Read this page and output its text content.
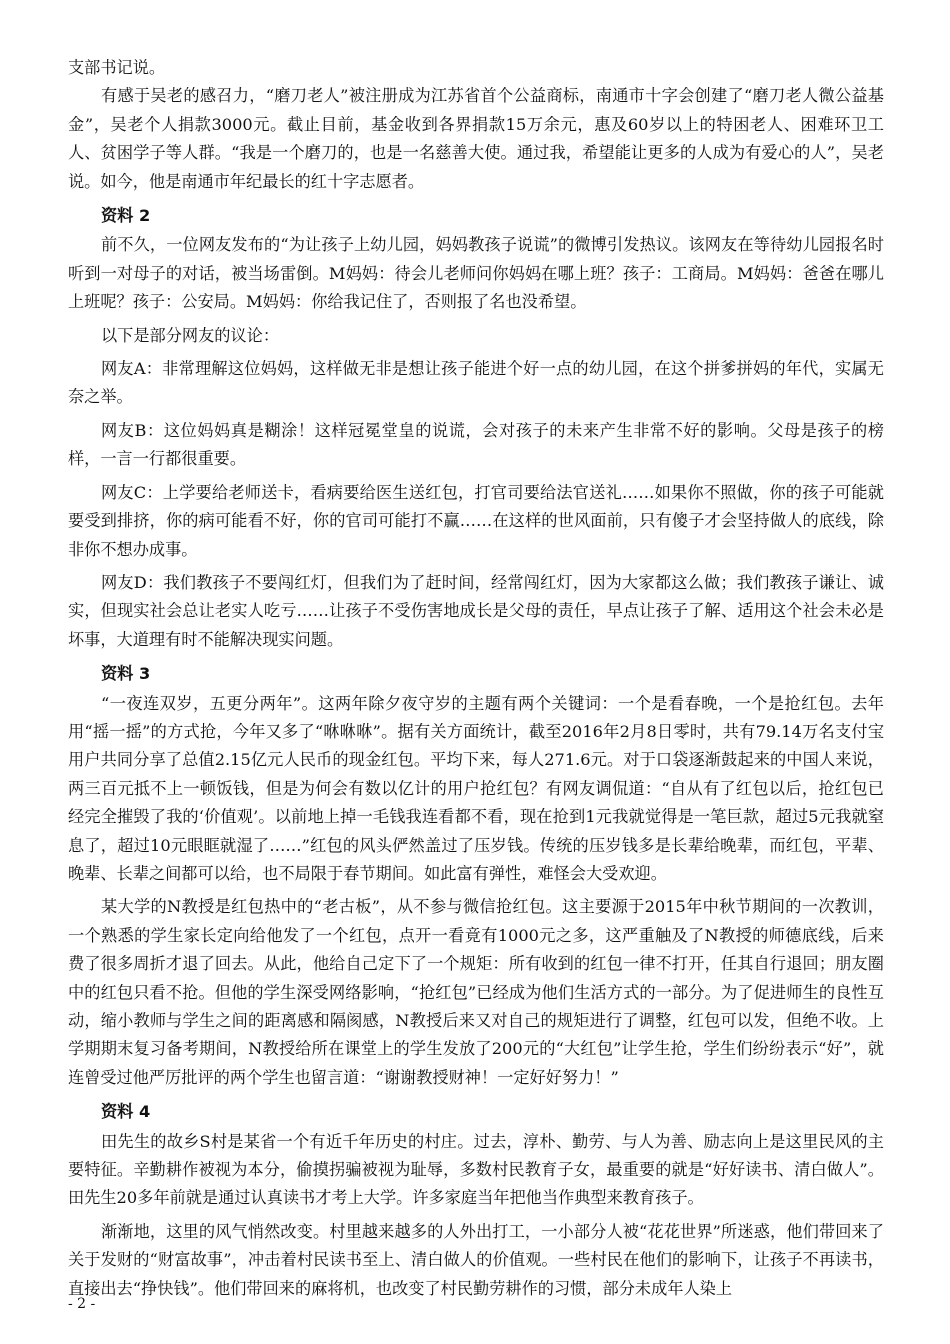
支部书记说。

有感于吴老的感召力，“磨刀老人”被注册成为江苏省首个公益商标，南通市十字会创建了“磨刀老人微公益基金”，吴老个人捐款3000元。截止目前，基金收到各界捐款15万余元，惠及60岁以上的特困老人、困难环卫工人、贫困学子等人群。“我是一个磨刀的，也是一名慈善大使。通过我，希望能让更多的人成为有爱心的人”，吴老说。如今，他是南通市年纪最长的红十字志愿者。

资料 2

前不久，一位网友发布的“为让孩子上幼儿园，妈妈教孩子说谎”的微博引发热议。该网友在等待幼儿园报名时听到一对母子的对话，被当场雷倒。M妈妈：待会儿老师问你妈妈在哪上班？孩子：工商局。M妈妈：爸爸在哪儿上班呢？孩子：公安局。M妈妈：你给我记住了，否则报了名也没希望。

以下是部分网友的议论：

网友A：非常理解这位妈妈，这样做无非是想让孩子能进个好一点的幼儿园，在这个拼爹拼妈的年代，实属无奈之举。

网友B：这位妈妈真是糊涂！这样冠冕堂皇的说谎，会对孩子的未来产生非常不好的影响。父母是孩子的榜样，一言一行都很重要。

网友C：上学要给老师送卡，看病要给医生送红包，打官司要给法官送礼……如果你不照做，你的孩子可能就要受到排挤，你的病可能看不好，你的官司可能打不赢……在这样的世风面前，只有傻子才会坚持做人的底线，除非你不想办成事。

网友D：我们教孩子不要闯红灯，但我们为了赶时间，经常闯红灯，因为大家都这么做；我们教孩子谦让、诚实，但现实社会总让老实人吃亏……让孩子不受伤害地成长是父母的责任，早点让孩子了解、适用这个社会未必是坏事，大道理有时不能解决现实问题。

资料 3

“一夜连双岁，五更分两年”。这两年除夕夜守岁的主题有两个关键词：一个是看春晚，一个是抢红包。去年用“摇一摇”的方式抢，今年又多了“咻咻咻”。据有关方面统计，截至2016年2月8日零时，共有79.14万名支付宝用户共同分享了总值2.15亿元人民币的现金红包。平均下来，每人271.6元。对于口袋逐渐鼓起来的中国人来说，两三百元抵不上一顿饭钱，但是为何会有数以亿计的用户抢红包？有网友调侃道：“自从有了红包以后，抢红包已经完全摧毁了我的‘价值观’。以前地上掉一毛钱我连看都不看，现在抢到1元我就觉得是一笔巨款，超过5元我就窒息了，超过10元眼眶就湿了……”红包的风头俨然盖过了压岁钱。传统的压岁钱多是长辈给晚辈，而红包，平辈、晚辈、长辈之间都可以给，也不局限于春节期间。如此富有弹性，难怪会大受欢迎。

某大学的N教授是红包热中的“老古板”，从不参与微信抢红包。这主要源于2015年中秋节期间的一次教训，一个熟悉的学生家长定向给他发了一个红包，点开一看竟有1000元之多，这严重触及了N教授的师德底线，后来费了很多周折才退了回去。从此，他给自己定下了一个规矩：所有收到的红包一律不打开，任其自行退回；朋友圈中的红包只看不抢。但他的学生深受网络影响，“抢红包”已经成为他们生活方式的一部分。为了促进师生的良性互动，缩小教师与学生之间的距离感和隔阂感，N教授后来又对自己的规矩进行了调整，红包可以发，但绝不收。上学期期末复习备考期间，N教授给所在课堂上的学生发放了200元的“大红包”让学生抢，学生们纷纷表示“好”，就连曾受过他严厉批评的两个学生也留言道：“谢谢教授财神！一定好好努力！”

资料 4

田先生的故乡S村是某省一个有近千年历史的村庄。过去，淳朴、勤劳、与人为善、励志向上是这里民风的主要特征。辛勤耕作被视为本分，偷摸拐骗被视为耻辱，多数村民教育子女，最重要的就是“好好读书、清白做人”。田先生20多年前就是通过认真读书才考上大学。许多家庭当年把他当作典型来教育孩子。

渐渐地，这里的风气悄然改变。村里越来越多的人外出打工，一小部分人被“花花世界”所迷惑，他们带回来了关于发财的“财富故事”，冲击着村民读书至上、清白做人的价值观。一些村民在他们的影响下，让孩子不再读书，直接出去“挣快钱”。他们带回来的麻将机，也改变了村民勤劳耕作的习惯，部分未成年人染上

- 2 -
